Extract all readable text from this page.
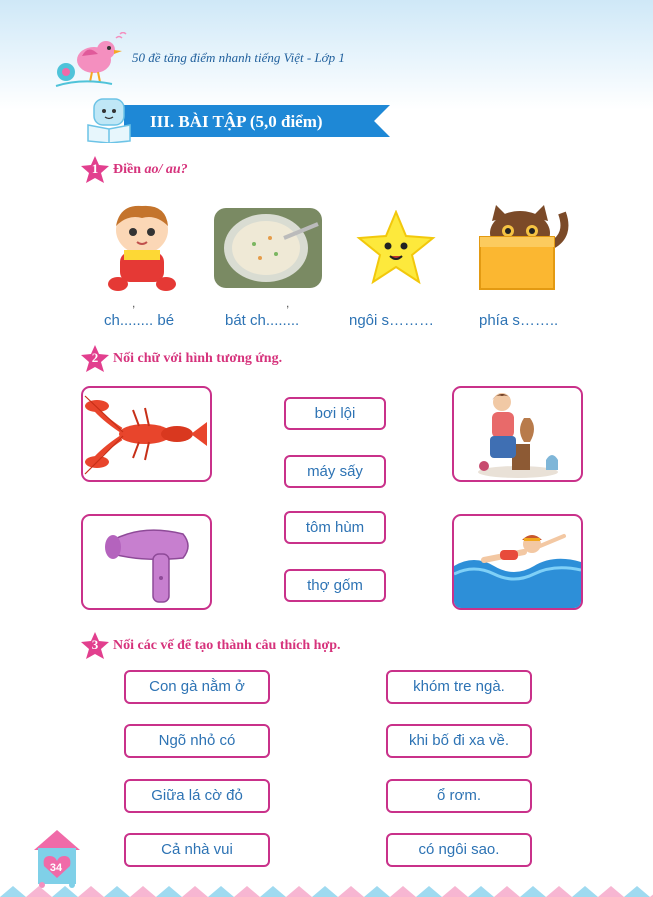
50 đề tăng điểm nhanh tiếng Việt - Lớp 1
III. BÀI TẬP (5,0 điểm)
1	Điền ao/ au?
,	,
ch........ bé	bát ch........	ngôi s………	phía s……..
2	Nối chữ với hình tương ứng.
bơi lội
máy sấy
tôm hùm
thợ gốm
3	Nối các vế để tạo thành câu thích hợp.
Con gà nằm ở
Ngõ nhỏ có
Giữa lá cờ đỏ
Cả nhà vui
khóm tre ngà.
khi bố đi xa về.
ổ rơm.
có ngôi sao.
34
